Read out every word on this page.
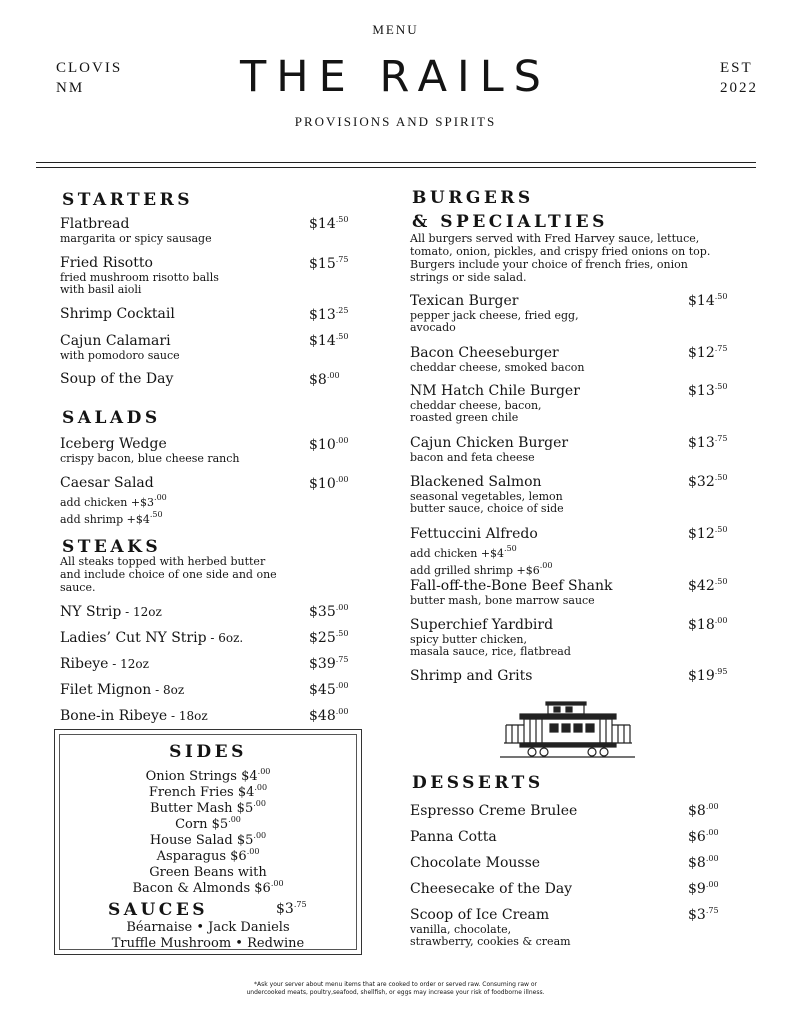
MENU
CLOVIS
NM	THE RAILS	EST
2022
PROVISIONS AND SPIRITS
STARTERS
Flatbread
margarita or spicy sausage
$\$14^{.50}$
Fried Risotto
fried mushroom risotto balls
with basil aioli
$\$15^{.75}$
Shrimp Cocktail	$\$13^{.25}$
Cajun Calamari
with pomodoro sauce
$\$14^{.50}$
Soup of the Day	$\$8^{.00}$
SALADS
Iceberg Wedge
crispy bacon, blue cheese ranch
$\$10^{.00}$
Caesar Salad
add chicken $+\$3^{.00}$
add shrimp $+\$4^{.50}$
$\$10^{.00}$
STEAKS
All steaks topped with herbed butter
and include choice of one side and one
sauce.
NY Strip - 12oz	$\$35^{.00}$
Ladies’ Cut NY Strip - 6oz.	$\$25^{.50}$
Ribeye - 12oz	$\$39^{.75}$
Filet Mignon - 8oz	$\$45^{.00}$
Bone-in Ribeye - 18oz	$\$48^{.00}$
SIDES
Onion Strings $\$4^{.00}$
French Fries $\$4^{.00}$
Butter Mash $\$5^{.00}$
Corn $\$5^{.00}$
House Salad $\$5^{.00}$
Asparagus $\$6^{.00}$
Green Beans with
Bacon & Almonds $\$6^{.00}$
SAUCES	$\$3^{.75}$
Béarnaise • Jack Daniels
Truffle Mushroom • Redwine
BURGERS
& SPECIALTIES
All burgers served with Fred Harvey sauce, lettuce,
tomato, onion, pickles, and crispy fried onions on top.
Burgers include your choice of french fries, onion
strings or side salad.
Texican Burger
pepper jack cheese, fried egg,
avocado
$\$14^{.50}$
Bacon Cheeseburger
cheddar cheese, smoked bacon
$\$12^{.75}$
NM Hatch Chile Burger
cheddar cheese, bacon,
roasted green chile
$\$13^{.50}$
Cajun Chicken Burger
bacon and feta cheese
$\$13^{.75}$
Blackened Salmon
seasonal vegetables, lemon
butter sauce, choice of side
$\$32^{.50}$
Fettuccini Alfredo
add chicken $+\$4^{.50}$
add grilled shrimp $+\$6^{.00}$
$\$12^{.50}$
Fall-off-the-Bone Beef Shank
butter mash, bone marrow sauce
$\$42^{.50}$
Superchief Yardbird
spicy butter chicken,
masala sauce, rice, flatbread
$\$18^{.00}$
Shrimp and Grits	$\$19^{.95}$
DESSERTS
Espresso Creme Brulee	$\$8^{.00}$
Panna Cotta	$\$6^{.00}$
Chocolate Mousse	$\$8^{.00}$
Cheesecake of the Day	$\$9^{.00}$
Scoop of Ice Cream
vanilla, chocolate,
strawberry, cookies & cream
$\$3^{.75}$
*Ask your server about menu items that are cooked to order or served raw. Consuming raw or
undercooked meats, poultry,seafood, shellfish, or eggs may increase your risk of foodborne illness.
